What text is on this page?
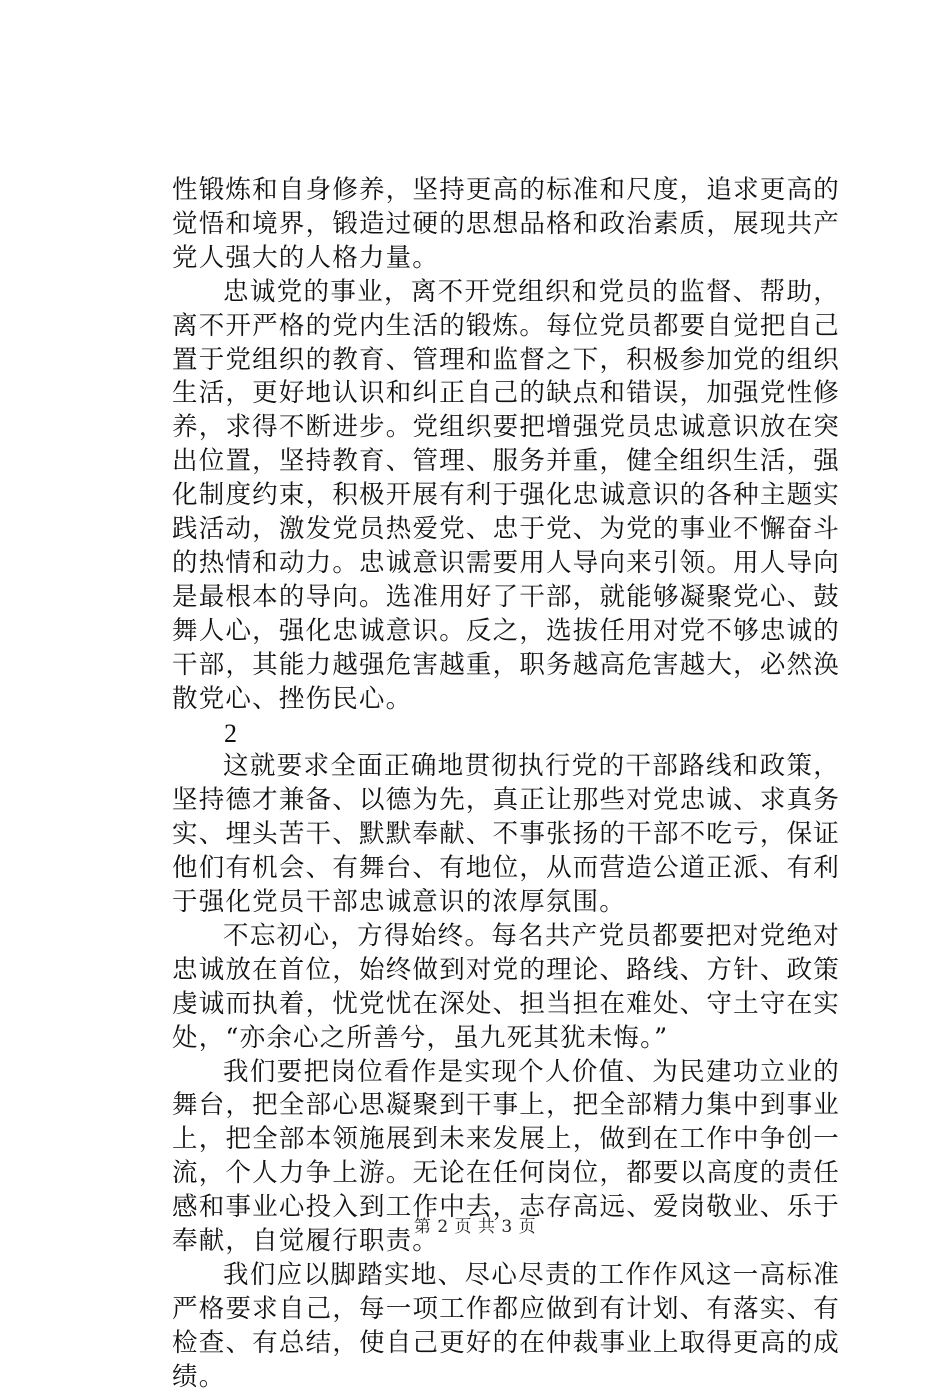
性锻炼和自身修养，坚持更高的标准和尺度，追求更高的觉悟和境界，锻造过硬的思想品格和政治素质，展现共产党人强大的人格力量。

忠诚党的事业，离不开党组织和党员的监督、帮助，离不开严格的党内生活的锻炼。每位党员都要自觉把自己置于党组织的教育、管理和监督之下，积极参加党的组织生活，更好地认识和纠正自己的缺点和错误，加强党性修养，求得不断进步。党组织要把增强党员忠诚意识放在突出位置，坚持教育、管理、服务并重，健全组织生活，强化制度约束，积极开展有利于强化忠诚意识的各种主题实践活动，激发党员热爱党、忠于党、为党的事业不懈奋斗的热情和动力。忠诚意识需要用人导向来引领。用人导向是最根本的导向。选准用好了干部，就能够凝聚党心、鼓舞人心，强化忠诚意识。反之，选拔任用对党不够忠诚的干部，其能力越强危害越重，职务越高危害越大，必然涣散党心、挫伤民心。

2

这就要求全面正确地贯彻执行党的干部路线和政策，坚持德才兼备、以德为先，真正让那些对党忠诚、求真务实、埋头苦干、默默奉献、不事张扬的干部不吃亏，保证他们有机会、有舞台、有地位，从而营造公道正派、有利于强化党员干部忠诚意识的浓厚氛围。

不忘初心，方得始终。每名共产党员都要把对党绝对忠诚放在首位，始终做到对党的理论、路线、方针、政策虔诚而执着，忧党忧在深处、担当担在难处、守土守在实处，“亦余心之所善兮，虽九死其犹未悔。”

我们要把岗位看作是实现个人价值、为民建功立业的舞台，把全部心思凝聚到干事上，把全部精力集中到事业上，把全部本领施展到未来发展上，做到在工作中争创一流，个人力争上游。无论在任何岗位，都要以高度的责任感和事业心投入到工作中去，志存高远、爱岗敬业、乐于奉献，自觉履行职责。

我们应以脚踏实地、尽心尽责的工作作风这一高标准严格要求自己，每一项工作都应做到有计划、有落实、有检查、有总结，使自己更好的在仲裁事业上取得更高的成绩。

第 2 页 共 3 页
